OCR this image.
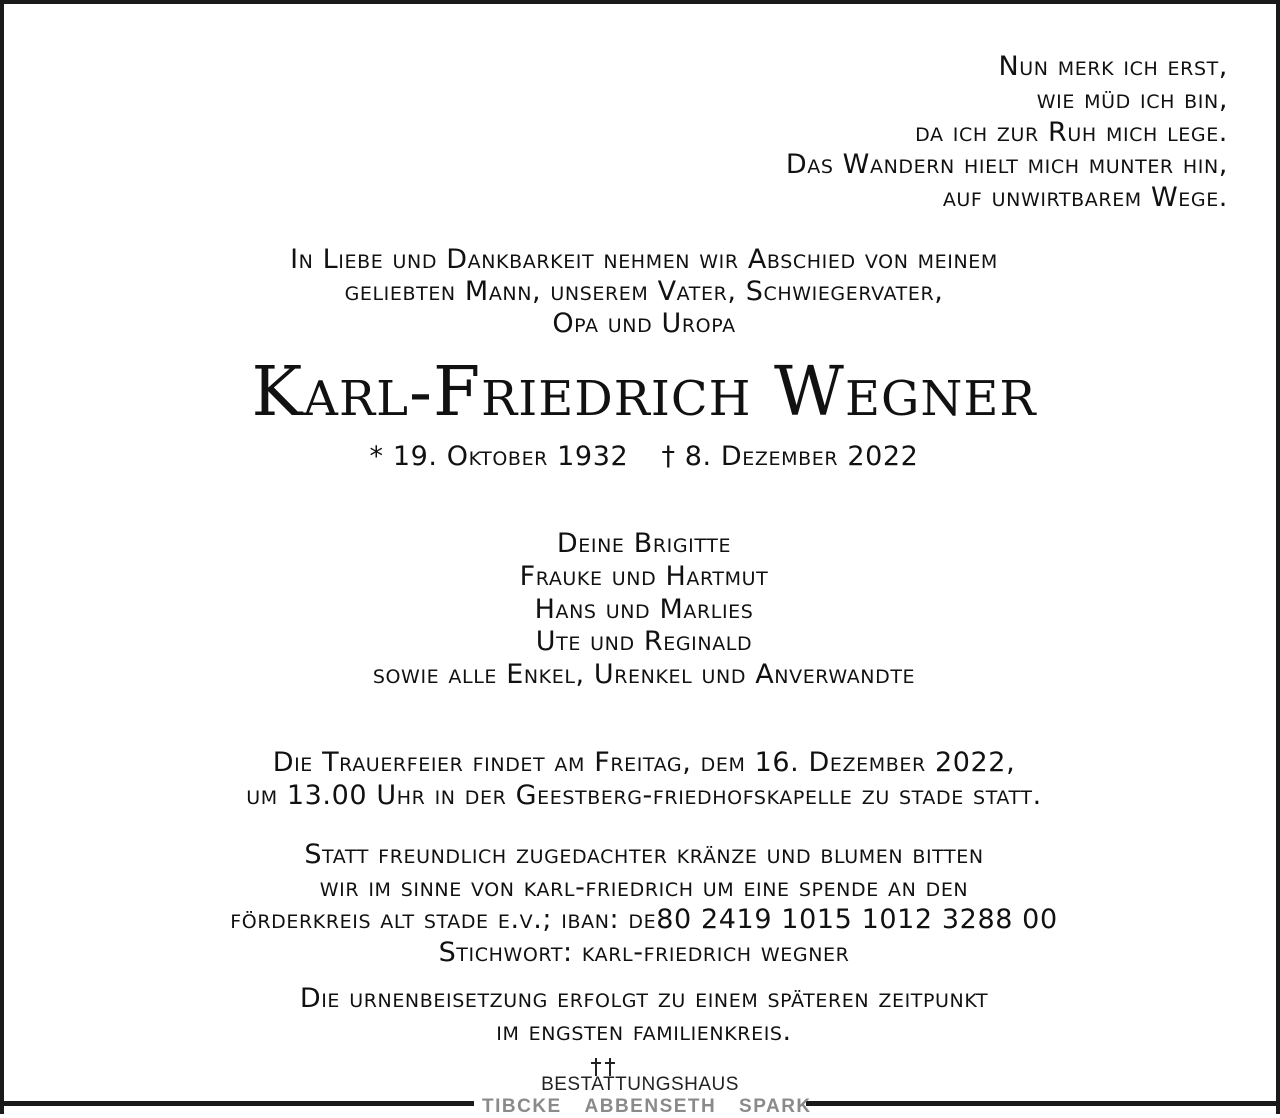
Nun merk ich erst,
wie müd ich bin,
da ich zur Ruh mich lege.
Das Wandern hielt mich munter hin,
auf unwirtbarem Wege.
In Liebe und Dankbarkeit nehmen wir Abschied von meinem
geliebten Mann, unserem Vater, Schwiegervater,
Opa und Uropa
Karl-Friedrich Wegner
* 19. Oktober 1932 † 8. Dezember 2022
Deine Brigitte
Frauke und Hartmut
Hans und Marlies
Ute und Reginald
sowie alle Enkel, Urenkel und Anverwandte
Die Trauerfeier findet am Freitag, dem 16. Dezember 2022,
um 13.00 Uhr in der Geestberg-friedhofskapelle zu stade statt.
Statt freundlich zugedachter kränze und blumen bitten
wir im sinne von karl-friedrich um eine spende an den
förderkreis alt stade e.v.; iban: de80 2419 1015 1012 3288 00
Stichwort: karl-friedrich wegner
Die urnenbeisetzung erfolgt zu einem späteren zeitpunkt
im engsten familienkreis.
BESTATTUNGSHAUS
TIBCKE ABBENSETH SPARK
